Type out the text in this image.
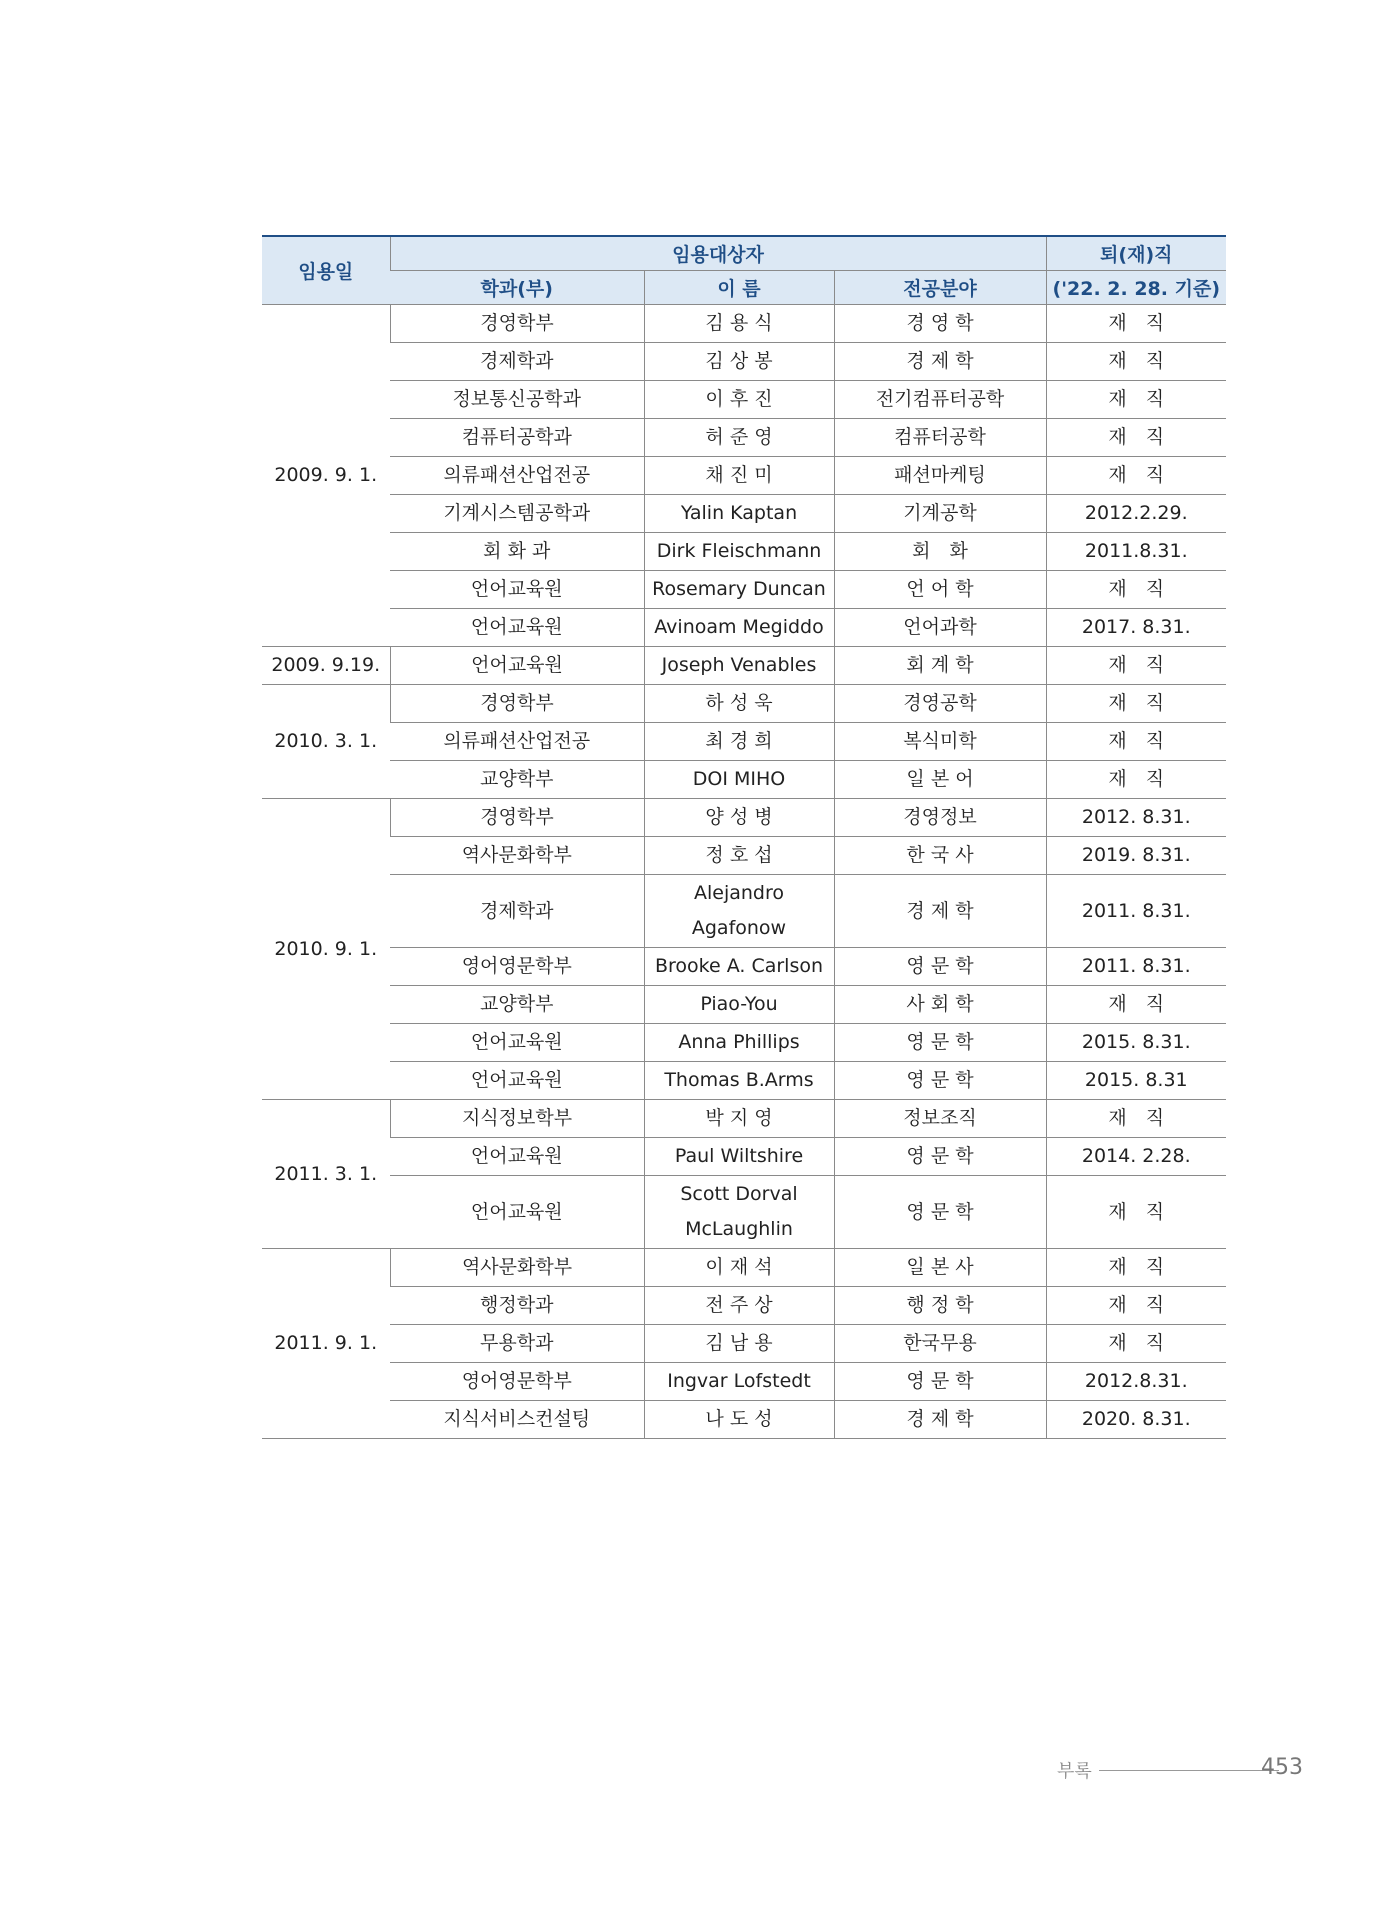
임용일	임용대상자			퇴(재)직
	학과(부)	이 름	전공분야	('22. 2. 28. 기준)
2009. 9. 1.	경영학부	김 용 식	경 영 학	재　직
	경제학과	김 상 봉	경 제 학	재　직
	정보통신공학과	이 후 진	전기컴퓨터공학	재　직
	컴퓨터공학과	허 준 영	컴퓨터공학	재　직
	의류패션산업전공	채 진 미	패션마케팅	재　직
	기계시스템공학과	Yalin Kaptan	기계공학	2012.2.29.
	회 화 과	Dirk Fleischmann	회　화	2011.8.31.
	언어교육원	Rosemary Duncan	언 어 학	재　직
	언어교육원	Avinoam Megiddo	언어과학	2017. 8.31.
2009. 9.19.	언어교육원	Joseph Venables	회 계 학	재　직
2010. 3. 1.	경영학부	하 성 욱	경영공학	재　직
	의류패션산업전공	최 경 희	복식미학	재　직
	교양학부	DOI MIHO	일 본 어	재　직
2010. 9. 1.	경영학부	양 성 병	경영정보	2012. 8.31.
	역사문화학부	정 호 섭	한 국 사	2019. 8.31.
	경제학과	Alejandro
Agafonow	경 제 학	2011. 8.31.
	영어영문학부	Brooke A. Carlson	영 문 학	2011. 8.31.
	교양학부	Piao-You	사 회 학	재　직
	언어교육원	Anna Phillips	영 문 학	2015. 8.31.
	언어교육원	Thomas B.Arms	영 문 학	2015. 8.31
2011. 3. 1.	지식정보학부	박 지 영	정보조직	재　직
	언어교육원	Paul Wiltshire	영 문 학	2014. 2.28.
	언어교육원	Scott Dorval
McLaughlin	영 문 학	재　직
2011. 9. 1.	역사문화학부	이 재 석	일 본 사	재　직
	행정학과	전 주 상	행 정 학	재　직
	무용학과	김 남 용	한국무용	재　직
	영어영문학부	Ingvar Lofstedt	영 문 학	2012.8.31.
	지식서비스컨설팅	나 도 성	경 제 학	2020. 8.31.
부록	453
